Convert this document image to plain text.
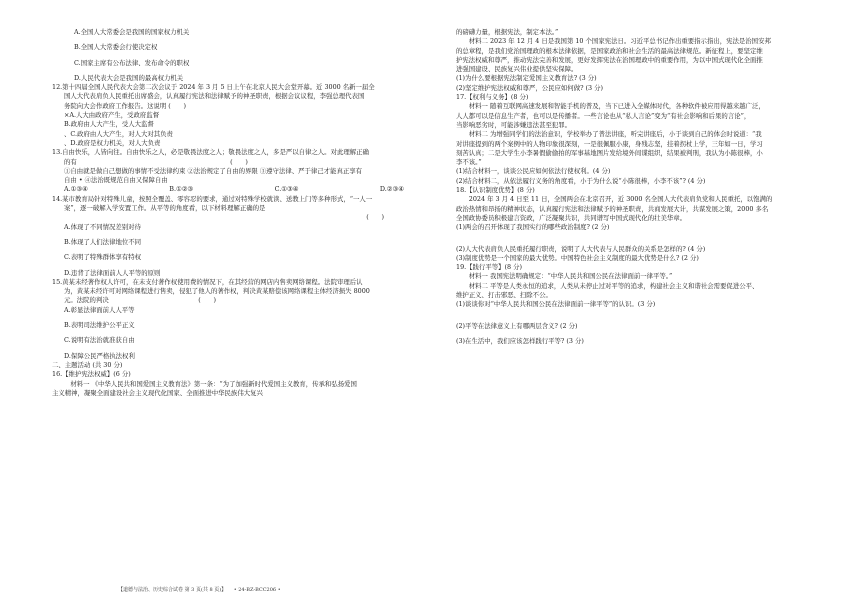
A.全国人大常委会是我国的国家权力机关
B.全国人大常委会行使决定权
C.国家主席有公布法律、发布命令的职权
D.人民代表大会是我国的最高权力机关
12.第十四届全国人民代表大会第二次会议于 2024 年 3 月 5 日上午在北京人民大会堂开幕。近 3000 名新一届全
国人大代表肩负人民重托出席盛会，认真履行宪法和法律赋予的神圣职责，根据会议议程，李强总理代表国
务院向大会作政府工作报告。这说明 (　　)
×A.人大由政府产生，受政府监督
B.政府由人大产生，受人大监督
、C.政府由人大产生，对人大对其负责
、D.政府是权力机关，对人大负责
13.自由快乐，人皆向往。自由快乐之人，必是敬畏法度之人；敬畏法度之人，多是严以自律之人。对此理解正确
的有　　　　　　　　　　　　　　　　　　　　　　　　(　　)
①自由就是做自己想做的事情不受法律约束 ②法治规定了自由的界限 ③遵守法律、严于律己才能真正享有
自由 • ④法治既规范自由又保障自由
A.①③④	B.①②③	C.①③④	D.②③④
14.某市教育局针对特殊儿童，按照全覆盖、零容忍的要求，通过对特殊学校就读、送教上门等多种形式，“一人一
案”，逐一破解入学安置工作。从平等的角度看，以下材料理解正确的是
(　　)
A.体现了不同情况差别对待
B.体现了人们法律地位不同
C.表明了特殊群体享有特权
D.违背了法律面前人人平等的原则
15.黄某未经著作权人许可，在未支付著作权使用费的情况下，在其经营的网店内售卖网络课程。法院审理后认
为，黄某未经许可对网络课程进行售卖，侵犯了他人的著作权，判决黄某赔偿该网络课程主体经济损失 8000
元。法院的判决　　　　　　　　　　　　　　(　　)
A.彰显法律面前人人平等
B.表明司法维护公平正义
C.说明有法治就准获自由
D.保障公民严格执法权利
二、主题活动 (共 30 分)
16.【维护宪法权威】(6 分)
　材料一 《中华人民共和国爱国主义教育法》第一条：“为了加强新时代爱国主义教育，传承和弘扬爱国
主义精神，凝聚全面建设社会主义现代化国家、全面推进中华民族伟大复兴
的磅礴力量，根据宪法，制定本法。”
　　材料二 2023 年 12 月 4 日是我国第 10 个国家宪法日。习近平总书记作出重要指示指出，宪法是治国安邦
的总章程，是我们党治国理政的根本法律依据，是国家政治和社会生活的最高法律规范。新征程上，要坚定维
护宪法权威和尊严，推动宪法完善和发展，更好发挥宪法在治国理政中的重要作用，为以中国式现代化全面推
进强国建设、民族复兴伟业提供坚实保障。
(1)为什么要根据宪法制定爱国主义教育法? (3 分)
(2)坚定维护宪法权威和尊严，公民应如何做? (3 分)
17.【权利与义务】(8 分)
　　材料一 随着互联网高速发展和智能手机的普及，当下已进入全媒体时代，各种软件被应用得越来越广泛，
人人都可以是信息生产者，也可以是传播者。一些言论也从“私人言论”变为“有社会影响和后果的言论”，
当影响恶劣时，可能涉嫌违法甚至犯罪。
　　材料二 为增强同学们的法治意识，学校举办了普法讲座，听完讲座后，小于谈到自己的体会时说道：“我
对讲座提到的两个案例中的人物印象很深刻，一是很佩服小康，身残志坚，挂着拐杖上学，三年如一日，学习
刻苦认真；二是大学生小李暑假偷偷拍的军事基地图片发给境外间谍组织，结果被判刑，我认为小陈很棒，小
李不该。”
(1)结合材料一，谈谈公民应如何依法行使权利。(4 分)
(2)结合材料二，从依法履行义务的角度看，小于为什么说“小陈很棒，小李不该”? (4 分)
18.【认识制度优势】(8 分)
　　2024 年 3 月 4 日至 11 日，全国两会在北京召开，近 3000 名全国人大代表肩负党和人民重托，以饱满的
政治热情和昂扬的精神状态，认真履行宪法和法律赋予的神圣职责，共商发展大计，共谋发展之策，2000 多名
全国政协委员积极建言资政，广泛凝聚共识，共同谱写中国式现代化的壮美华章。
(1)两会的召开体现了我国实行的哪些政治制度? (2 分)
(2)人大代表肩负人民重托履行职责，说明了人大代表与人民群众的关系是怎样的? (4 分)
(3)制度优势是一个国家的最大优势。中国特色社会主义制度的最大优势是什么? (2 分)
19.【践行平等】(8 分)
　　材料一 我国宪法明确规定：“中华人民共和国公民在法律面前一律平等。”
　　材料二 平等是人类永恒的追求，人类从未停止过对平等的追求，构建社会主义和谐社会需要促进公平、
维护正义、打击邪恶、扫除不公。
(1)谈谈你对“中华人民共和国公民在法律面前一律平等”的认识。(3 分)
(2)平等在法律意义上有哪两层含义? (2 分)
(3)在生活中，我们应该怎样践行平等? (3 分)
【道德与法治、历史综合试卷 第 3 页(共 8 页)】　　• 24-BZ-BCC206 •
